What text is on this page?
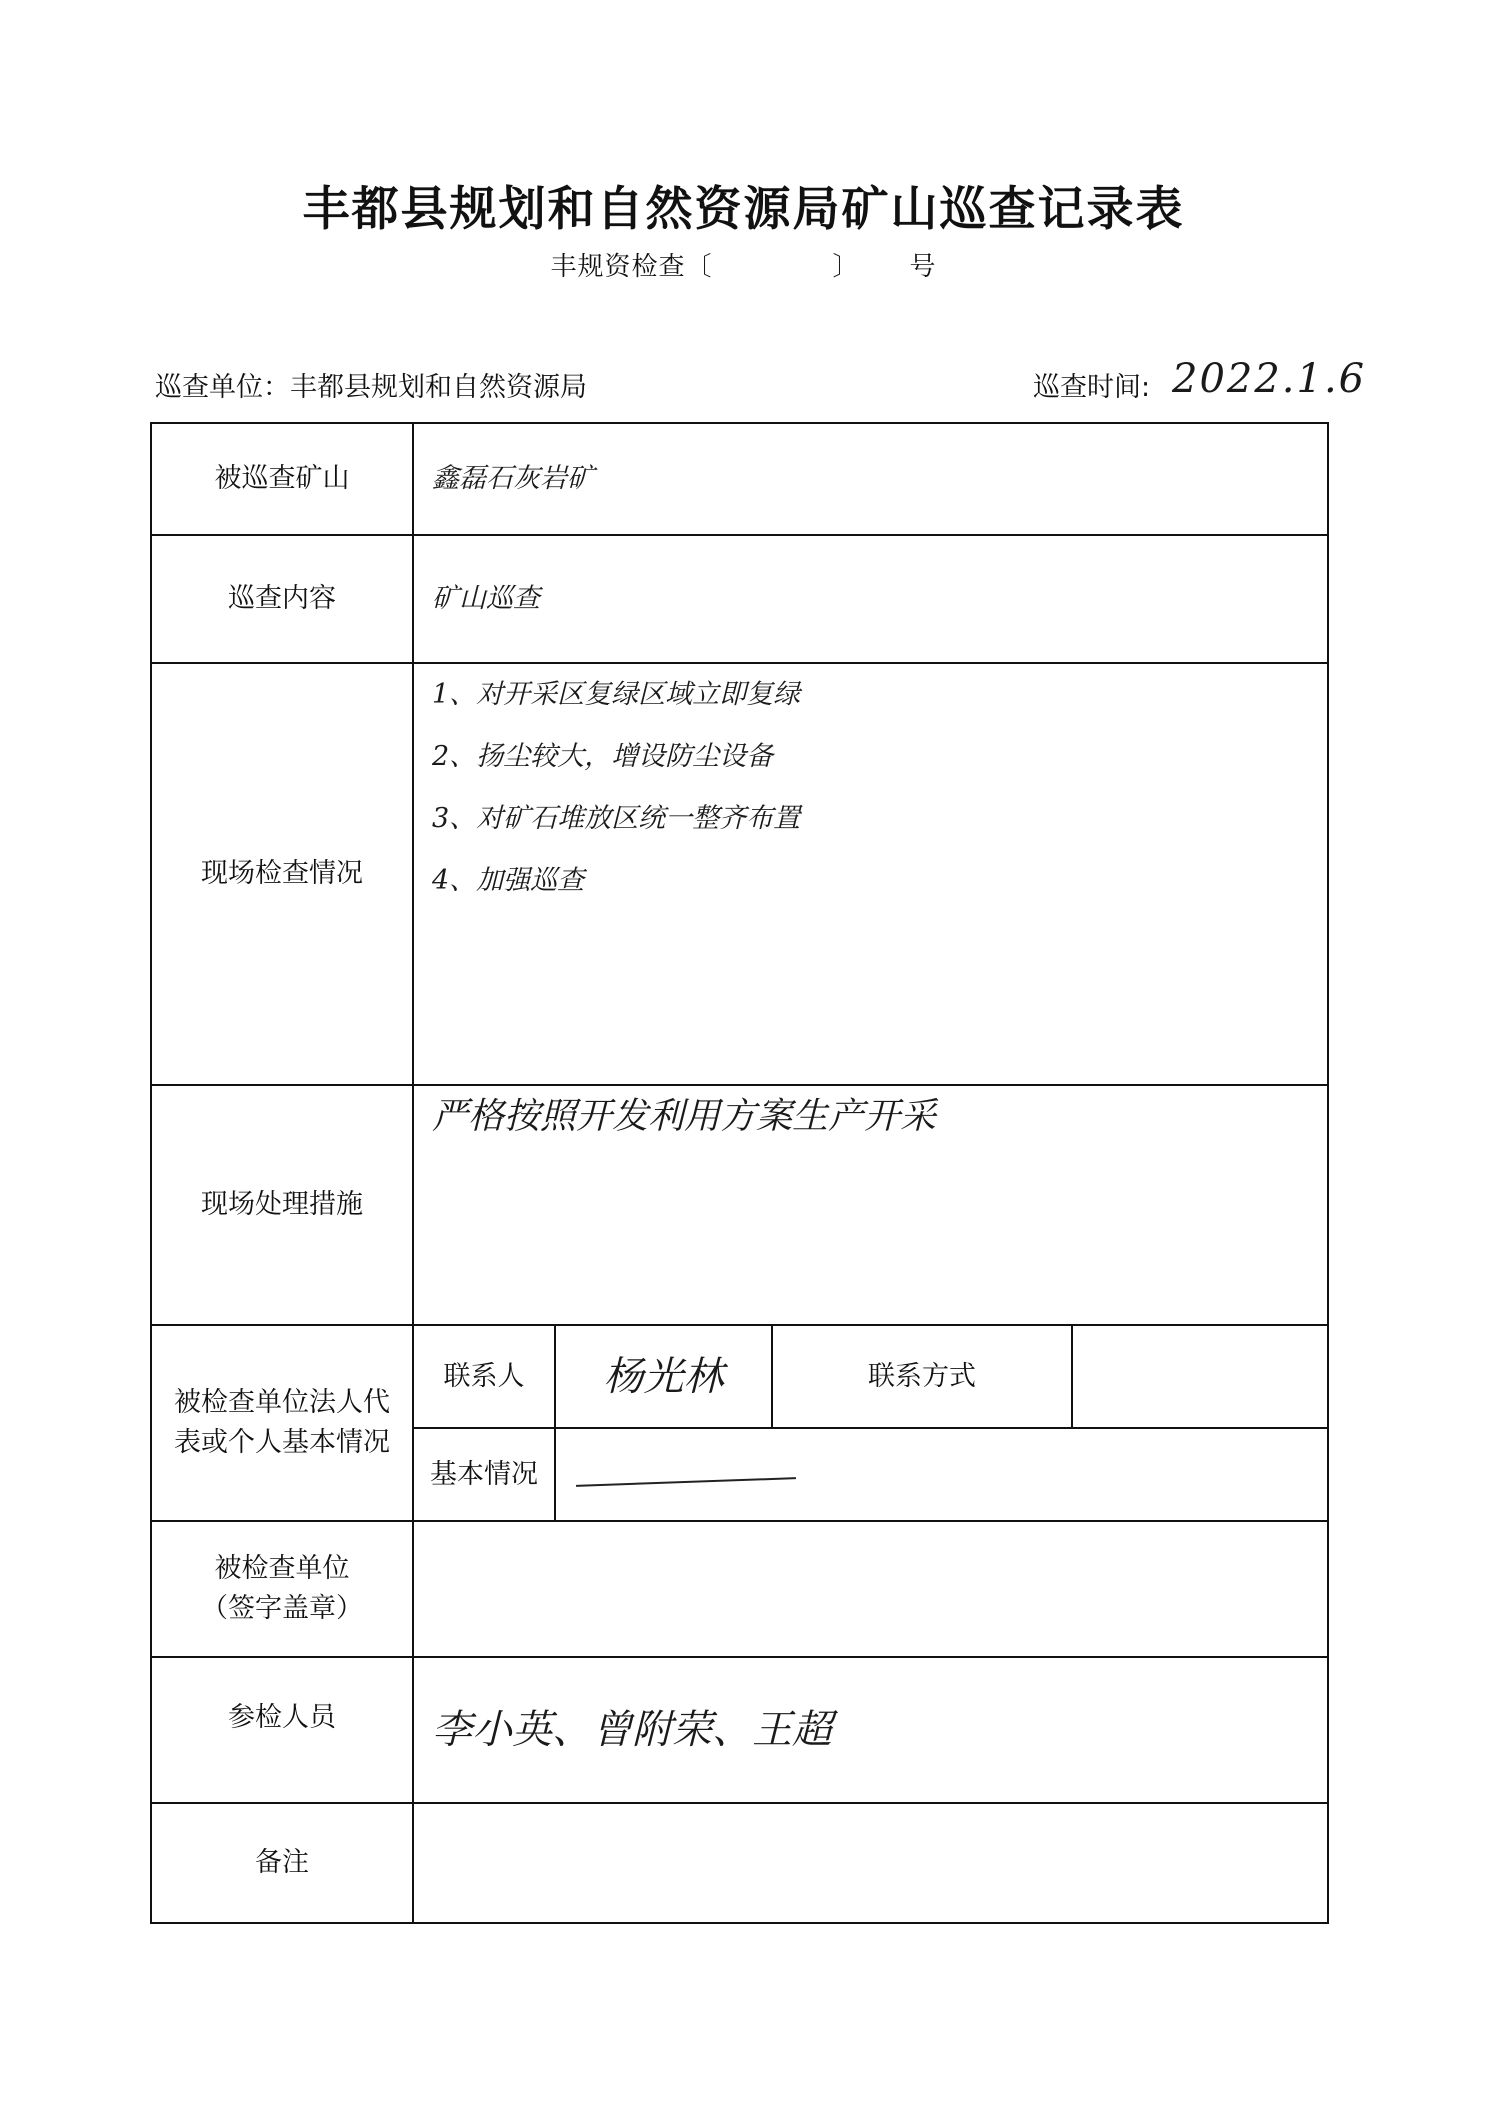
丰都县规划和自然资源局矿山巡查记录表
丰规资检查〔	〕 号
巡查单位：丰都县规划和自然资源局	巡查时间: 2022.1.6
被巡查矿山	鑫磊石灰岩矿			
巡查内容	矿山巡查			
现场检查情况	1、对开采区复绿区域立即复绿
2、扬尘较大，增设防尘设备
3、对矿石堆放区统一整齐布置
4、加强巡查			

现场处理措施	严格按照开发利用方案生产开采			

被检查单位法人代表或个人基本情况	联系人	杨光林	联系方式	
	基本情况			

被检查单位
（签字盖章）				

参检人员	李小英、曾附荣、王超			
备注				
